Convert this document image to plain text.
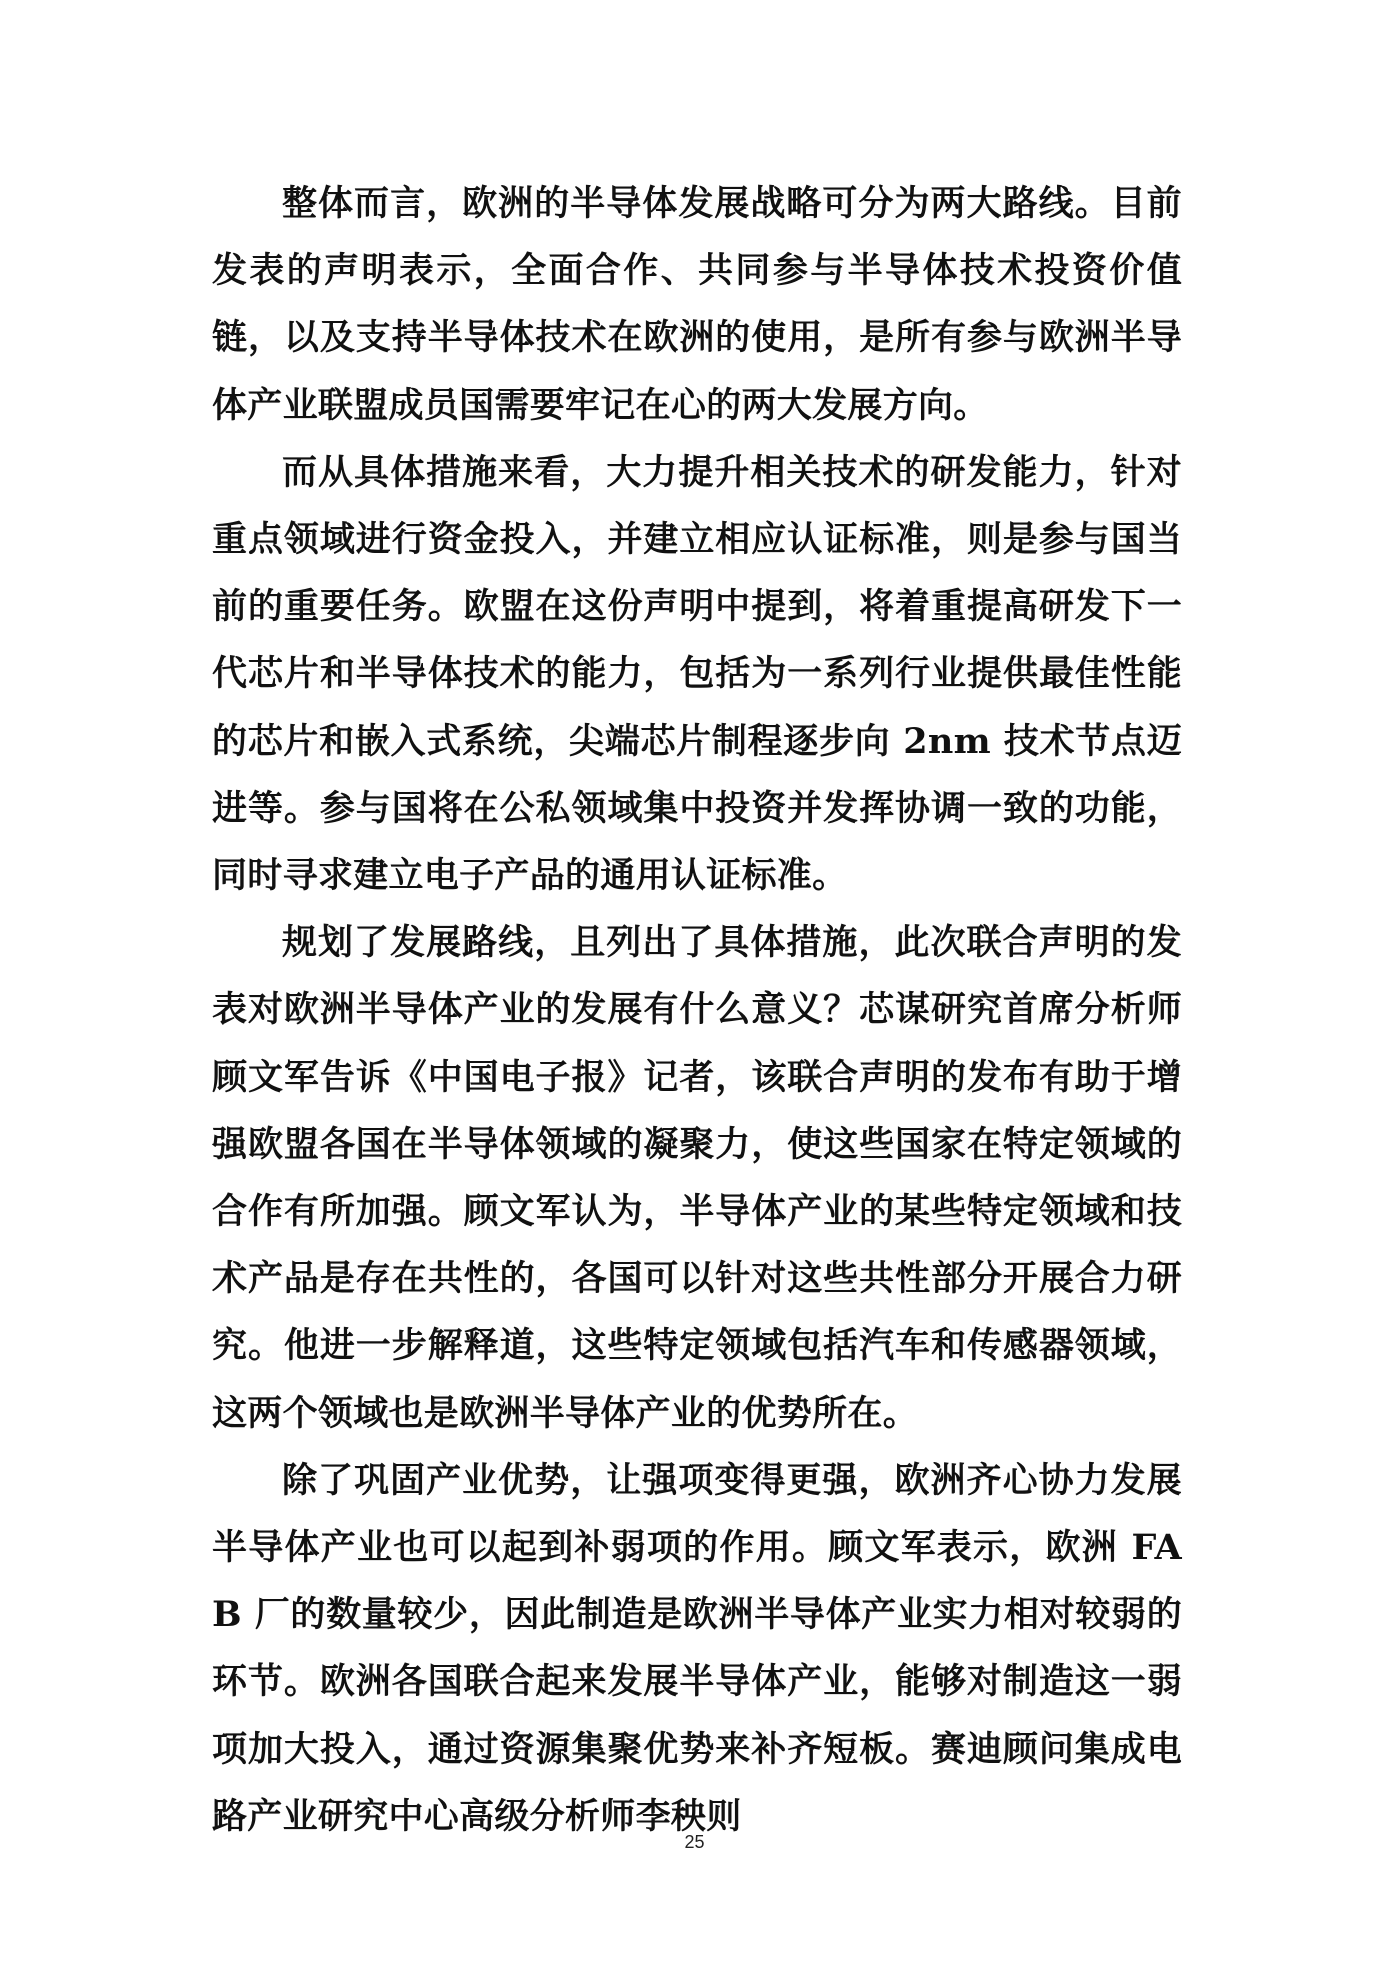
整体而言，欧洲的半导体发展战略可分为两大路线。目前发表的声明表示，全面合作、共同参与半导体技术投资价值链，以及支持半导体技术在欧洲的使用，是所有参与欧洲半导体产业联盟成员国需要牢记在心的两大发展方向。

而从具体措施来看，大力提升相关技术的研发能力，针对重点领域进行资金投入，并建立相应认证标准，则是参与国当前的重要任务。欧盟在这份声明中提到，将着重提高研发下一代芯片和半导体技术的能力，包括为一系列行业提供最佳性能的芯片和嵌入式系统，尖端芯片制程逐步向 2nm 技术节点迈进等。参与国将在公私领域集中投资并发挥协调一致的功能，同时寻求建立电子产品的通用认证标准。

规划了发展路线，且列出了具体措施，此次联合声明的发表对欧洲半导体产业的发展有什么意义？芯谋研究首席分析师顾文军告诉《中国电子报》记者，该联合声明的发布有助于增强欧盟各国在半导体领域的凝聚力，使这些国家在特定领域的合作有所加强。顾文军认为，半导体产业的某些特定领域和技术产品是存在共性的，各国可以针对这些共性部分开展合力研究。他进一步解释道，这些特定领域包括汽车和传感器领域，这两个领域也是欧洲半导体产业的优势所在。

除了巩固产业优势，让强项变得更强，欧洲齐心协力发展半导体产业也可以起到补弱项的作用。顾文军表示，欧洲 FAB 厂的数量较少，因此制造是欧洲半导体产业实力相对较弱的环节。欧洲各国联合起来发展半导体产业，能够对制造这一弱项加大投入，通过资源集聚优势来补齐短板。赛迪顾问集成电路产业研究中心高级分析师李秧则

25
